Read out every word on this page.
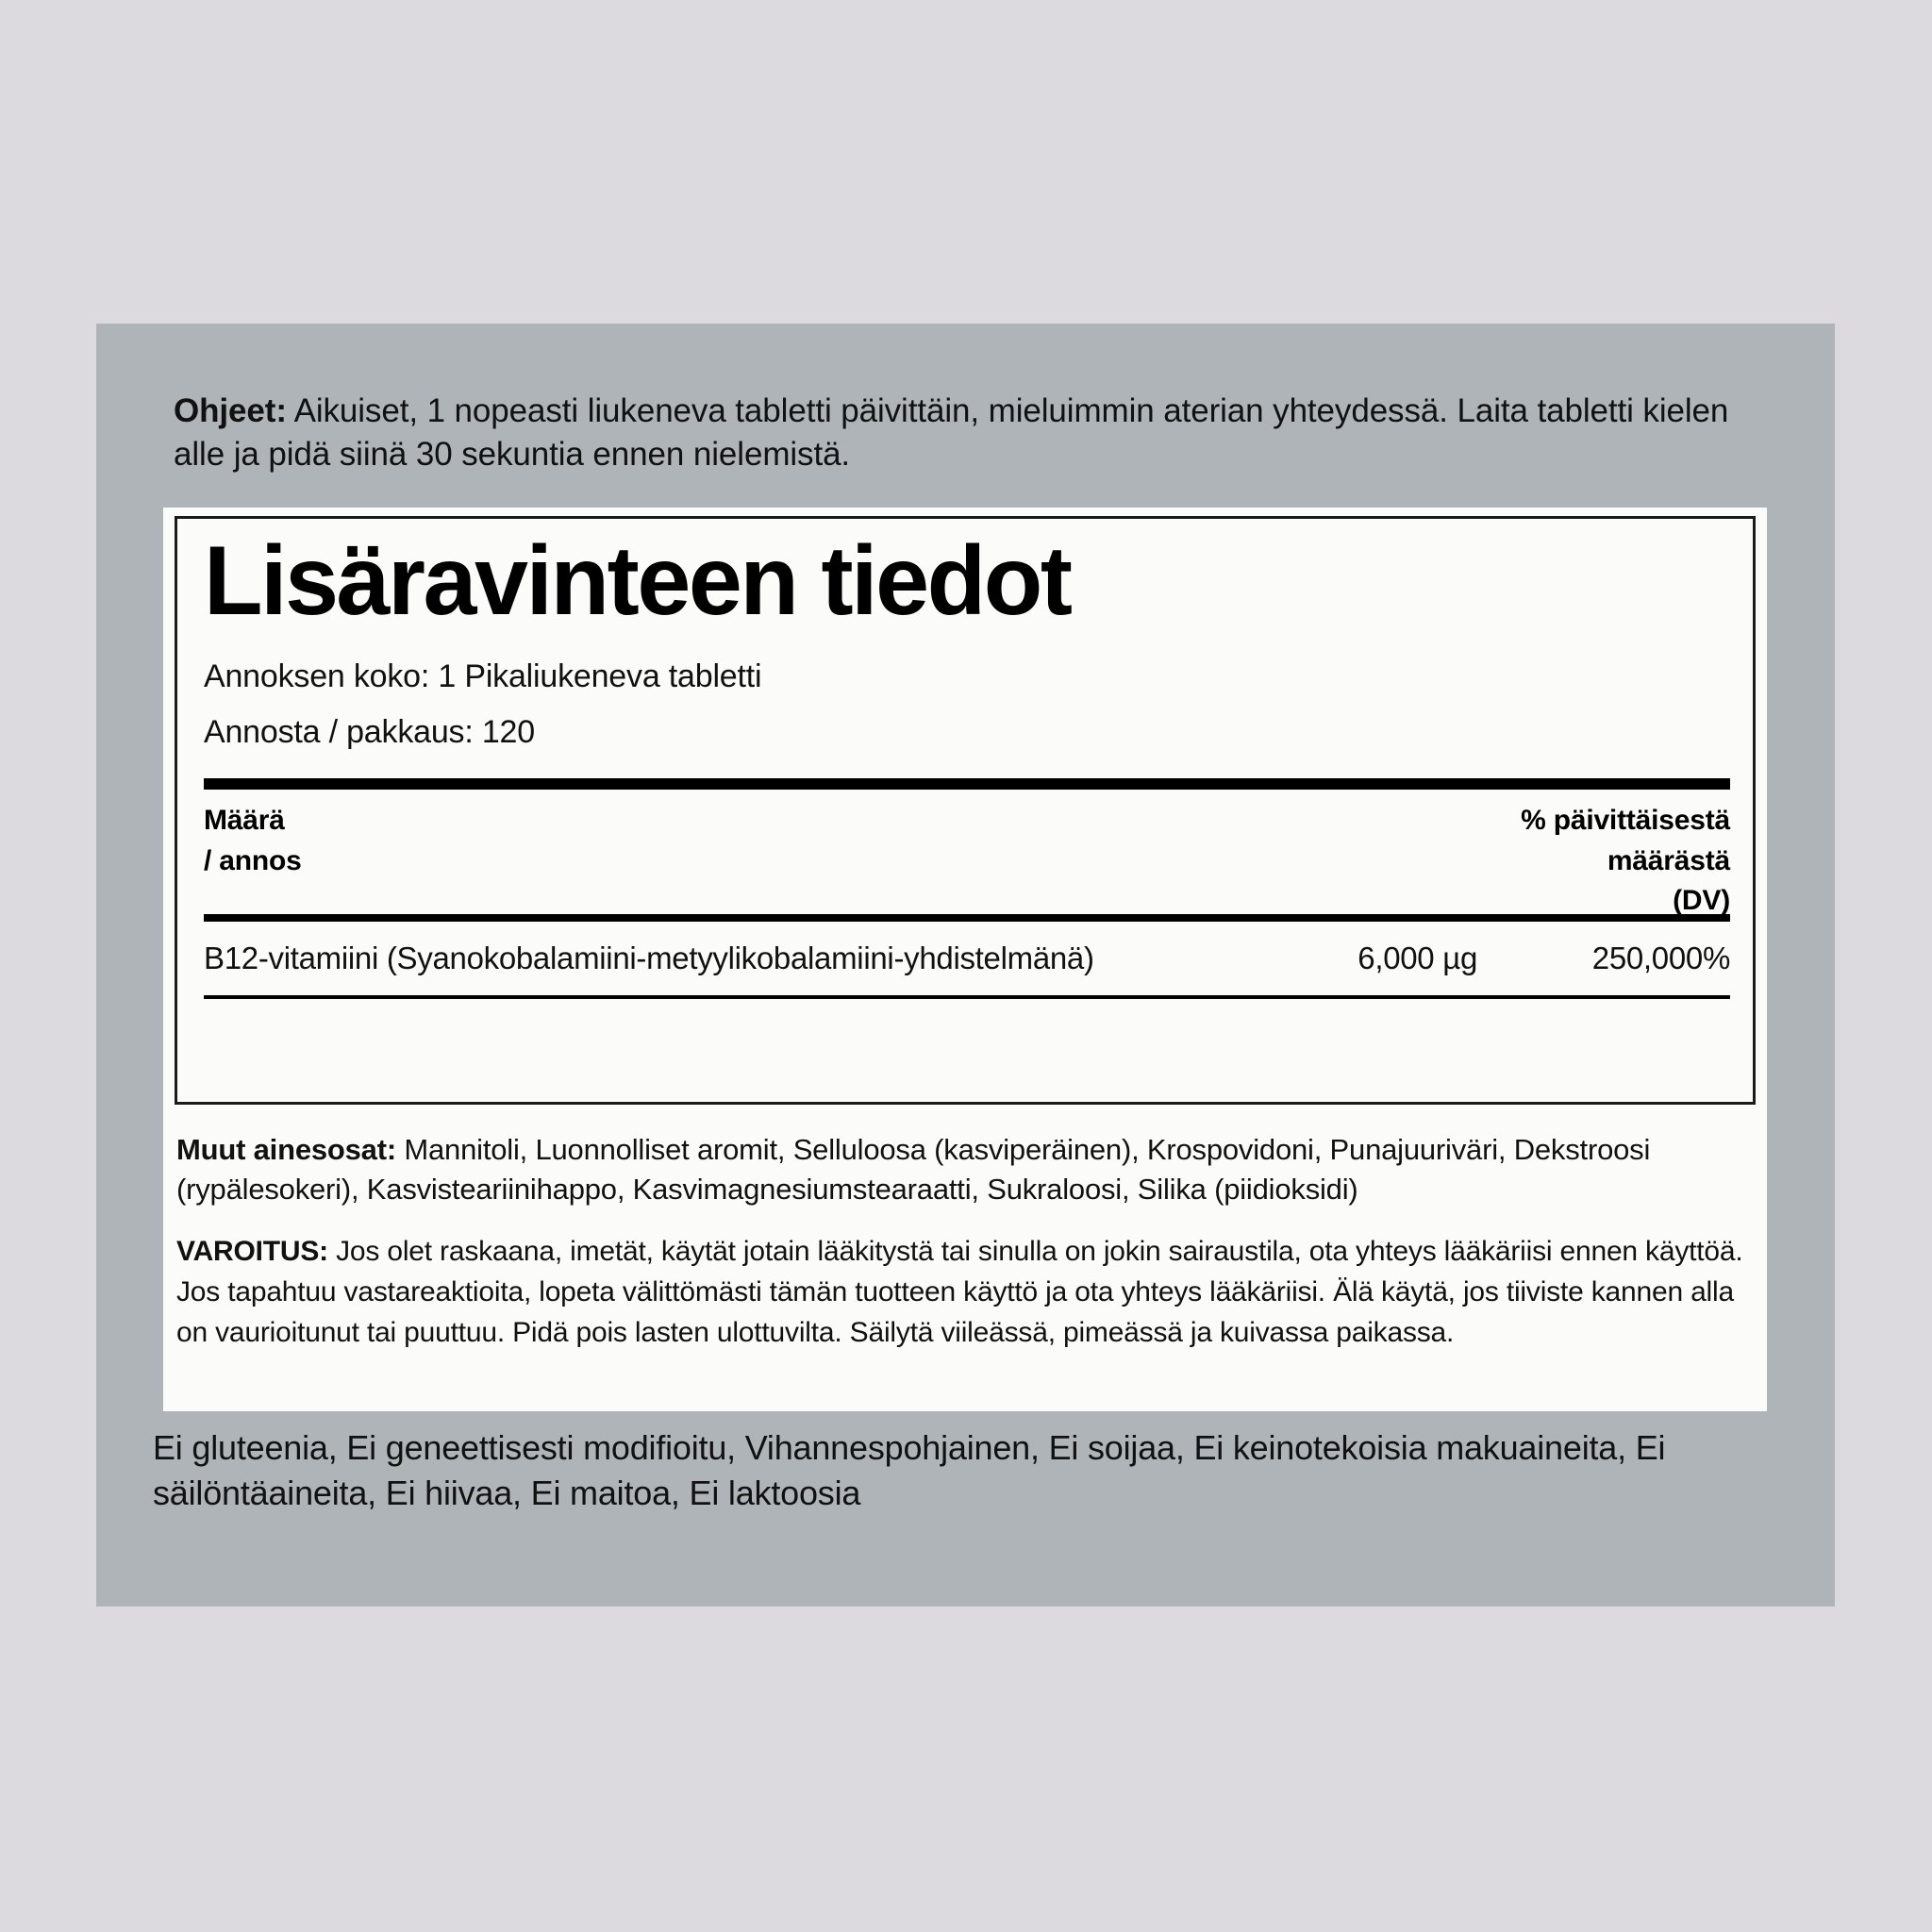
Ohjeet: Aikuiset, 1 nopeasti liukeneva tabletti päivittäin, mieluimmin aterian yhteydessä. Laita tabletti kielen alle ja pidä siinä 30 sekuntia ennen nielemistä.
Lisäravinteen tiedot
Annoksen koko: 1 Pikaliukeneva tabletti
Annosta / pakkaus: 120
Määrä
/ annos
% päivittäisestä
määrästä
(DV)
B12-vitamiini (Syanokobalamiini-metyylikobalamiini-yhdistelmänä)	6,000 µg	250,000%
Muut ainesosat: Mannitoli, Luonnolliset aromit, Selluloosa (kasviperäinen), Krospovidoni, Punajuuriväri, Dekstroosi (rypälesokeri), Kasvisteariinihappo, Kasvimagnesiumstearaatti, Sukraloosi, Silika (piidioksidi)
VAROITUS: Jos olet raskaana, imetät, käytät jotain lääkitystä tai sinulla on jokin sairaustila, ota yhteys lääkäriisi ennen käyttöä. Jos tapahtuu vastareaktioita, lopeta välittömästi tämän tuotteen käyttö ja ota yhteys lääkäriisi. Älä käytä, jos tiiviste kannen alla on vaurioitunut tai puuttuu. Pidä pois lasten ulottuvilta. Säilytä viileässä, pimeässä ja kuivassa paikassa.
Ei gluteenia, Ei geneettisesti modifioitu, Vihannespohjainen, Ei soijaa, Ei keinotekoisia makuaineita, Ei säilöntäaineita, Ei hiivaa, Ei maitoa, Ei laktoosia
